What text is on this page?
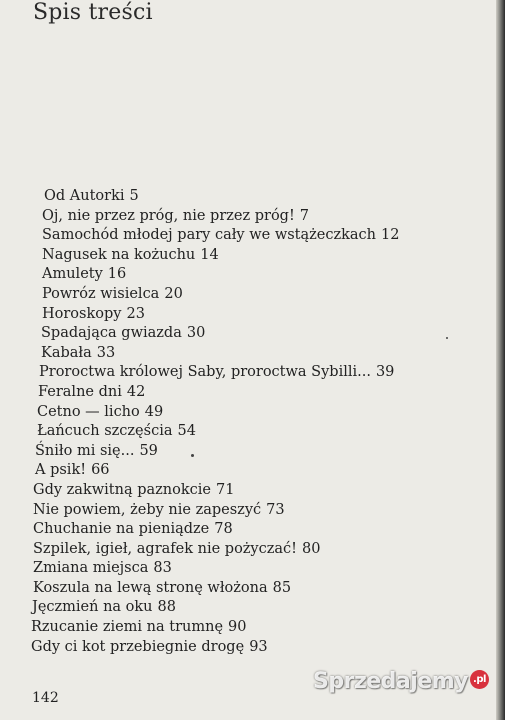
Spis treści
Od Autorki 5
Oj, nie przez próg, nie przez próg! 7
Samochód młodej pary cały we wstążeczkach 12
Nagusek na kożuchu 14
Amulety 16
Powróz wisielca 20
Horoskopy 23
Spadająca gwiazda 30
Kabała 33
Proroctwa królowej Saby, proroctwa Sybilli... 39
Feralne dni 42
Cetno — licho 49
Łańcuch szczęścia 54
Śniło mi się... 59
A psik! 66
Gdy zakwitną paznokcie 71
Nie powiem, żeby nie zapeszyć 73
Chuchanie na pieniądze 78
Szpilek, igieł, agrafek nie pożyczać! 80
Zmiana miejsca 83
Koszula na lewą stronę włożona 85
Jęczmień na oku 88
Rzucanie ziemi na trumnę 90
Gdy ci kot przebiegnie drogę 93
142
Sprzedajemy .pl
